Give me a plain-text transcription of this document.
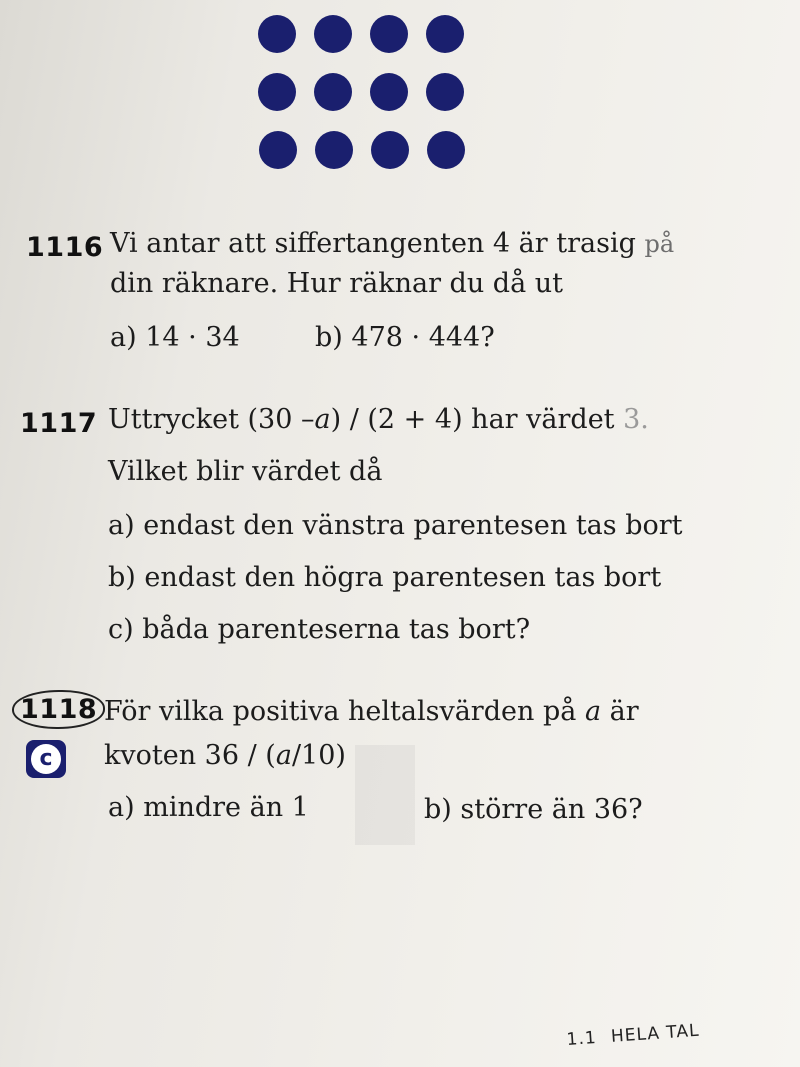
1116 Vi antar att siffertangenten 4 är trasig på
din räknare. Hur räknar du då ut
a) 14 · 34	b) 478 · 444?
1117 Uttrycket (30 –a) / (2 + 4) har värdet 3.
Vilket blir värdet då
a) endast den vänstra parentesen tas bort
b) endast den högra parentesen tas bort
c) båda parenteserna tas bort?
1118 För vilka positiva heltalsvärden på a är
c	kvoten 36 / (a/10)
a) mindre än 1	b) större än 36?
1.1 HELA TAL
